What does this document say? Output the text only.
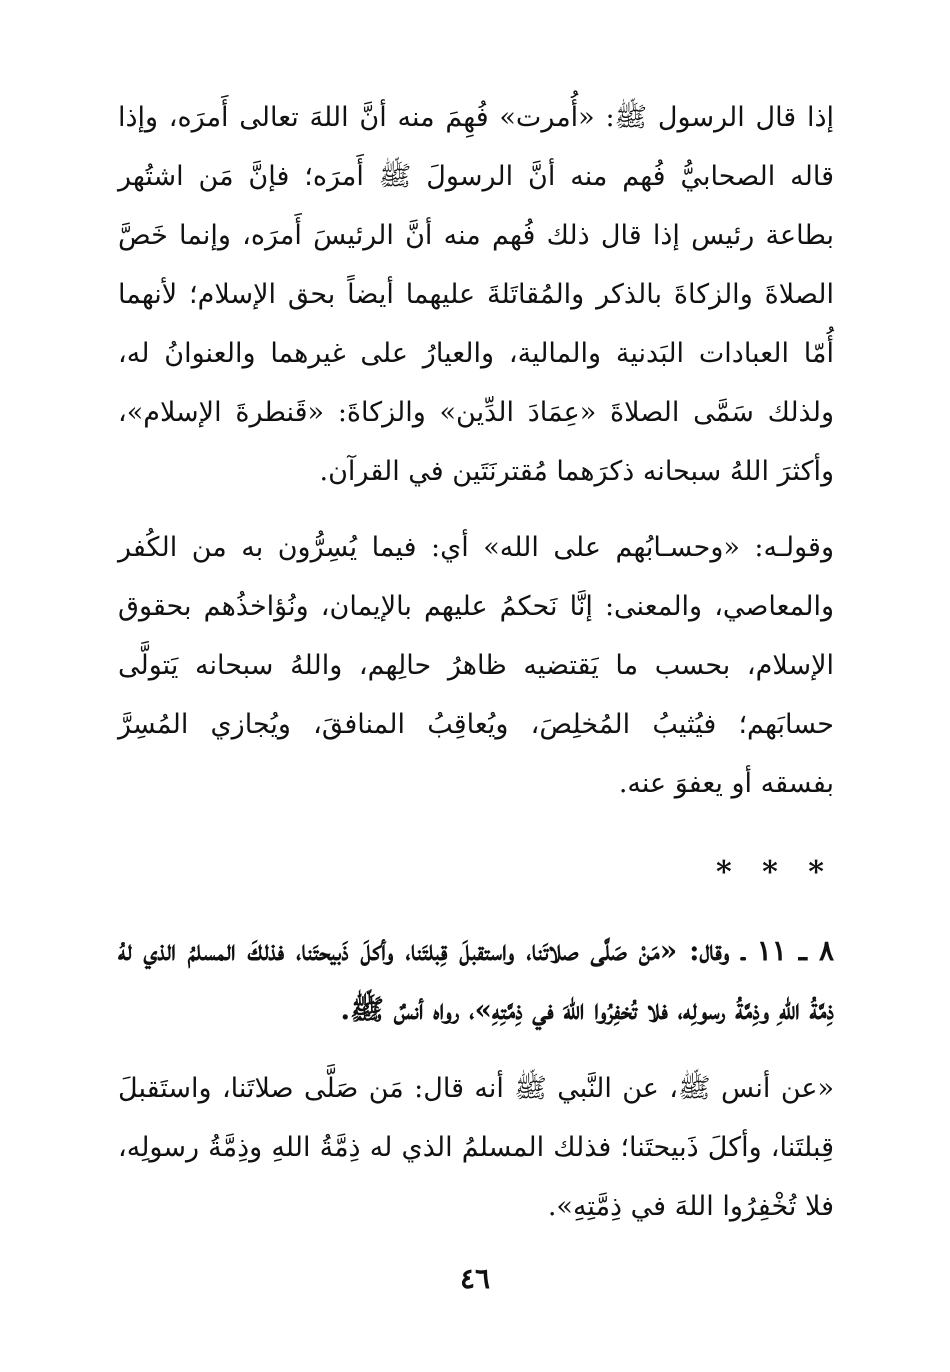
إذا قال الرسول ﷺ: «أُمرت» فُهِمَ منه أنَّ اللهَ تعالى أَمرَه، وإذا قاله الصحابيُّ فُهم منه أنَّ الرسولَ ﷺ أَمرَه؛ فإنَّ مَن اشتُهر بطاعة رئيس إذا قال ذلك فُهم منه أنَّ الرئيسَ أَمرَه، وإنما خَصَّ الصلاةَ والزكاةَ بالذكر والمُقاتَلةَ عليهما أيضاً بحق الإسلام؛ لأنهما أُمّا العبادات البَدنية والمالية، والعيارُ على غيرهما والعنوانُ له، ولذلك سَمَّى الصلاةَ «عِمَادَ الدِّين» والزكاةَ: «قَنطرةَ الإسلام»، وأكثرَ اللهُ سبحانه ذكرَهما مُقترنَتَين في القرآن.

وقولـه: «وحسـابُهم على الله» أي: فيما يُسِرُّون به من الكُفر والمعاصي، والمعنى: إنَّا نَحكمُ عليهم بالإيمان، ونُؤاخذُهم بحقوق الإسلام، بحسب ما يَقتضيه ظاهرُ حالِهم، واللهُ سبحانه يَتولَّى حسابَهم؛ فيُثيبُ المُخلِصَ، ويُعاقِبُ المنافقَ، ويُجازي المُسِرَّ بفسقه أو يعفوَ عنه.

* * *

٨ ـ ١١ ـ وقال: «مَنْ صَلَّى صلاتَنا، واستقبلَ قِبلتَنا، وأكلَ ذَبيحتَنا، فذلكَ المسلمُ الذي لهُ ذِمَّةُ اللهِ وذِمَّةُ رسولِه، فلا تُخفِرُوا اللهَ في ذِمَّتِهِ»، رواه أنسٌ ﷺ.

«عن أنس ﷺ، عن النَّبي ﷺ أنه قال: مَن صَلَّى صلاتَنا، واستَقبلَ قِبلتَنا، وأكلَ ذَبيحتَنا؛ فذلك المسلمُ الذي له ذِمَّةُ اللهِ وذِمَّةُ رسولِه، فلا تُخْفِرُوا اللهَ في ذِمَّتِهِ».

٤٦
